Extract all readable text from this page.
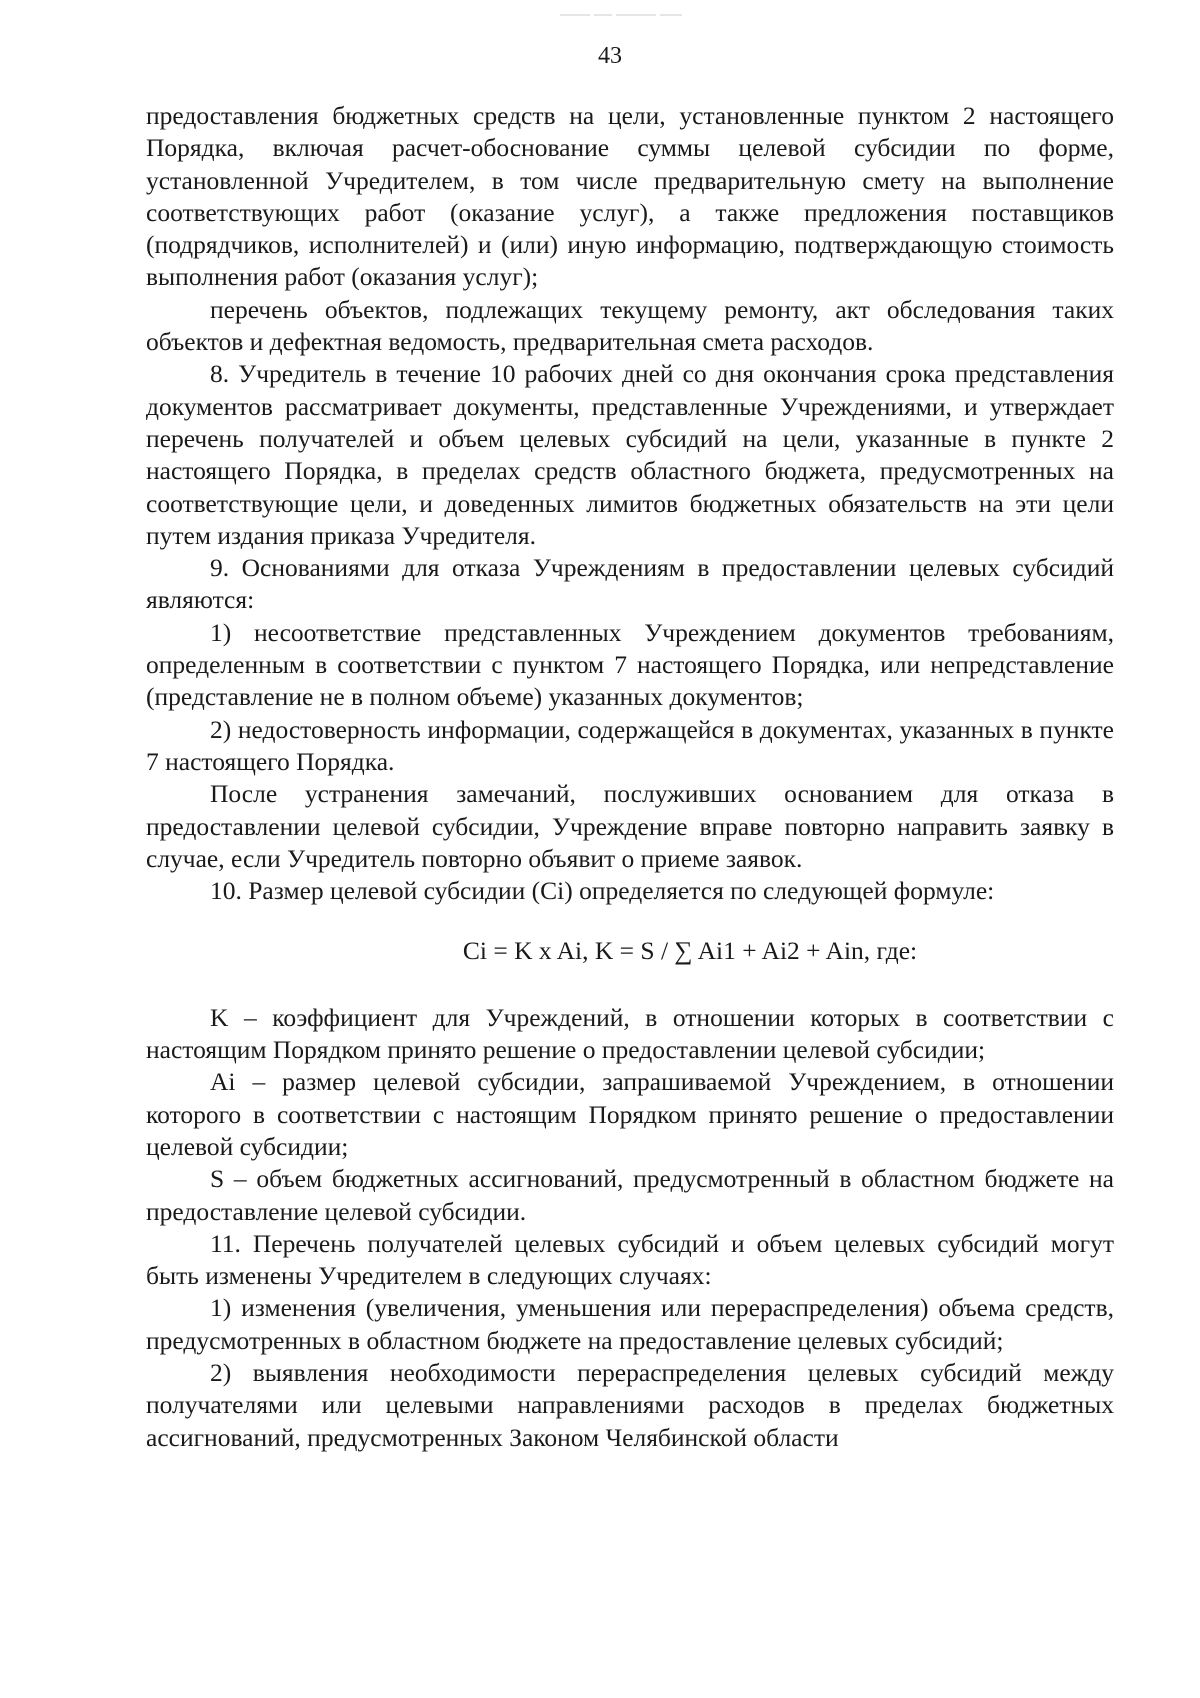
43

предоставления бюджетных средств на цели, установленные пунктом 2 настоящего Порядка, включая расчет-обоснование суммы целевой субсидии по форме, установленной Учредителем, в том числе предварительную смету на выполнение соответствующих работ (оказание услуг), а также предложения поставщиков (подрядчиков, исполнителей) и (или) иную информацию, подтверждающую стоимость выполнения работ (оказания услуг);

перечень объектов, подлежащих текущему ремонту, акт обследования таких объектов и дефектная ведомость, предварительная смета расходов.

8. Учредитель в течение 10 рабочих дней со дня окончания срока представления документов рассматривает документы, представленные Учреждениями, и утверждает перечень получателей и объем целевых субсидий на цели, указанные в пункте 2 настоящего Порядка, в пределах средств областного бюджета, предусмотренных на соответствующие цели, и доведенных лимитов бюджетных обязательств на эти цели путем издания приказа Учредителя.

9. Основаниями для отказа Учреждениям в предоставлении целевых субсидий являются:

1) несоответствие представленных Учреждением документов требованиям, определенным в соответствии с пунктом 7 настоящего Порядка, или непредставление (представление не в полном объеме) указанных документов;

2) недостоверность информации, содержащейся в документах, указанных в пункте 7 настоящего Порядка.

После устранения замечаний, послуживших основанием для отказа в предоставлении целевой субсидии, Учреждение вправе повторно направить заявку в случае, если Учредитель повторно объявит о приеме заявок.

10. Размер целевой субсидии (Ci) определяется по следующей формуле:

Ci = K x Ai, K = S / ∑ Ai1 + Ai2 + Ain, где:

K – коэффициент для Учреждений, в отношении которых в соответствии с настоящим Порядком принято решение о предоставлении целевой субсидии;

Ai – размер целевой субсидии, запрашиваемой Учреждением, в отношении которого в соответствии с настоящим Порядком принято решение о предоставлении целевой субсидии;

S – объем бюджетных ассигнований, предусмотренный в областном бюджете на предоставление целевой субсидии.

11. Перечень получателей целевых субсидий и объем целевых субсидий могут быть изменены Учредителем в следующих случаях:

1) изменения (увеличения, уменьшения или перераспределения) объема средств, предусмотренных в областном бюджете на предоставление целевых субсидий;

2) выявления необходимости перераспределения целевых субсидий между получателями или целевыми направлениями расходов в пределах бюджетных ассигнований, предусмотренных Законом Челябинской области
